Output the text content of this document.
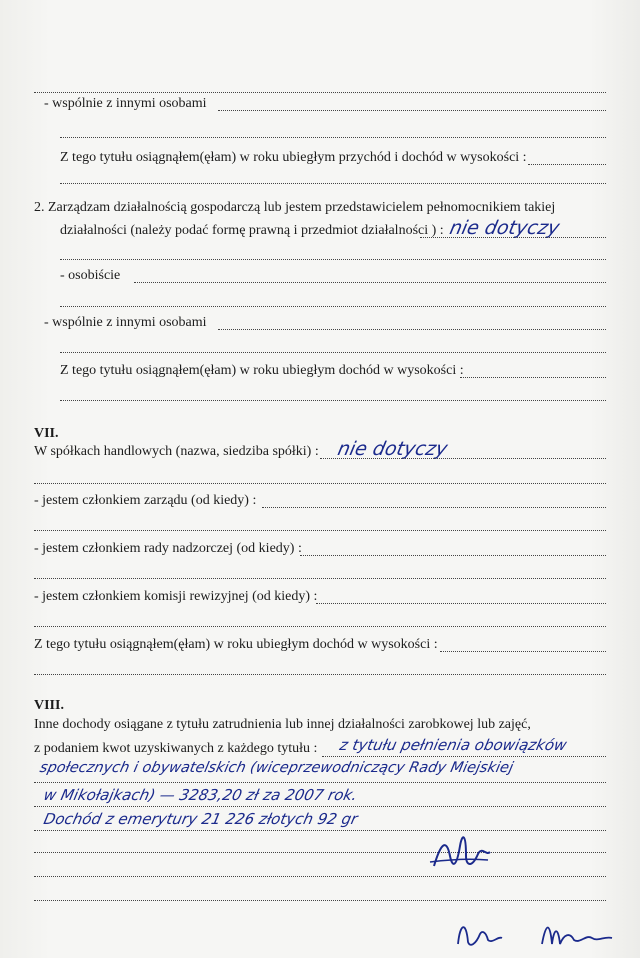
............................................................
- wspólnie z innymi osobami
Z tego tytułu osiągnąłem(ęłam) w roku ubiegłym przychód i dochód w wysokości :
2. Zarządzam działalnością gospodarczą lub jestem przedstawicielem pełnomocnikiem takiej
działalności (należy podać formę prawną i przedmiot działalności ) : nie dotyczy
- osobiście
- wspólnie z innymi osobami
Z tego tytułu osiągnąłem(ęłam) w roku ubiegłym dochód w wysokości :
VII.
W spółkach handlowych (nazwa, siedziba spółki) : nie dotyczy
- jestem członkiem zarządu (od kiedy) :
- jestem członkiem rady nadzorczej (od kiedy) :
- jestem członkiem komisji rewizyjnej (od kiedy) :
Z tego tytułu osiągnąłem(ęłam) w roku ubiegłym dochód w wysokości :
VIII.
Inne dochody osiągane z tytułu zatrudnienia lub innej działalności zarobkowej lub zajęć,
z podaniem kwot uzyskiwanych z każdego tytułu : z tytułu pełnienia obowiązków
społecznych i obywatelskich (wiceprzewodniczący Rady Miejskiej
w Mikołajkach) — 3283,20 zł za 2007 rok.
Dochód z emerytury 21 226 złotych 92 gr
